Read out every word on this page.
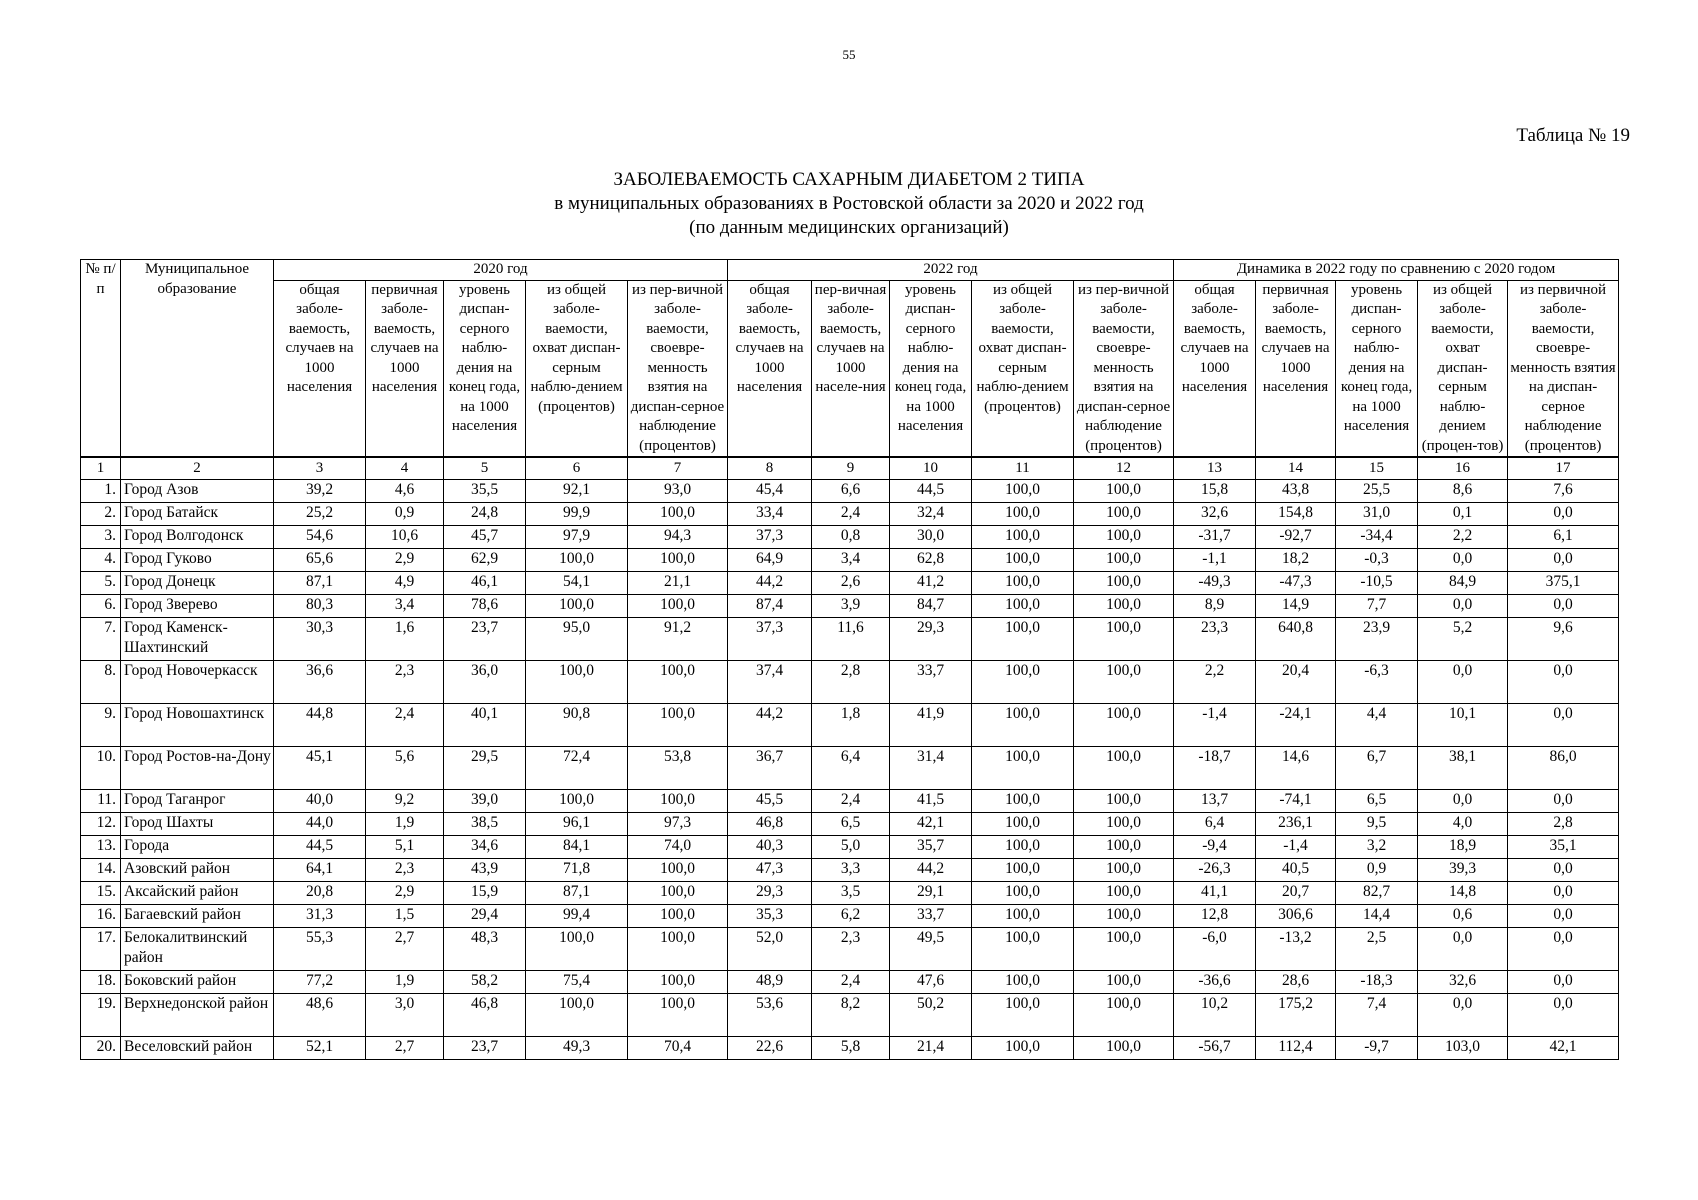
55
Таблица № 19
ЗАБОЛЕВАЕМОСТЬ САХАРНЫМ ДИАБЕТОМ 2 ТИПА
в муниципальных образованиях в Ростовской области за 2020 и 2022 год
(по данным медицинских организаций)
№ п/п	Муниципальное образование	2020 год					2022 год					Динамика в 2022 году по сравнению с 2020 годом				
		общая заболе-ваемость, случаев на 1000 населения	первичная заболе-ваемость, случаев на 1000 населения	уровень диспан-серного наблю-дения на конец года, на 1000 населения	из общей заболе-ваемости, охват диспан-серным наблю-дением (процентов)	из пер-вичной заболе-ваемости, своевре-менность взятия на диспан-серное наблюдение (процентов)	общая заболе-ваемость, случаев на 1000 населения	пер-вичная заболе-ваемость, случаев на 1000 населе-ния	уровень диспан-серного наблю-дения на конец года, на 1000 населения	из общей заболе-ваемости, охват диспан-серным наблю-дением (процентов)	из пер-вичной заболе-ваемости, своевре-менность взятия на диспан-серное наблюдение (процентов)	общая заболе-ваемость, случаев на 1000 населения	первичная заболе-ваемость, случаев на 1000 населения	уровень диспан-серного наблю-дения на конец года, на 1000 населения	из общей заболе-ваемости, охват диспан-серным наблю-дением (процен-тов)	из первичной заболе-ваемости, своевре-менность взятия на диспан-серное наблюдение (процентов)
1	2	3	4	5	6	7	8	9	10	11	12	13	14	15	16	17
1.	Город Азов	39,2	4,6	35,5	92,1	93,0	45,4	6,6	44,5	100,0	100,0	15,8	43,8	25,5	8,6	7,6
2.	Город Батайск	25,2	0,9	24,8	99,9	100,0	33,4	2,4	32,4	100,0	100,0	32,6	154,8	31,0	0,1	0,0
3.	Город Волгодонск	54,6	10,6	45,7	97,9	94,3	37,3	0,8	30,0	100,0	100,0	-31,7	-92,7	-34,4	2,2	6,1
4.	Город Гуково	65,6	2,9	62,9	100,0	100,0	64,9	3,4	62,8	100,0	100,0	-1,1	18,2	-0,3	0,0	0,0
5.	Город Донецк	87,1	4,9	46,1	54,1	21,1	44,2	2,6	41,2	100,0	100,0	-49,3	-47,3	-10,5	84,9	375,1
6.	Город Зверево	80,3	3,4	78,6	100,0	100,0	87,4	3,9	84,7	100,0	100,0	8,9	14,9	7,7	0,0	0,0
7.	Город Каменск-Шахтинский	30,3	1,6	23,7	95,0	91,2	37,3	11,6	29,3	100,0	100,0	23,3	640,8	23,9	5,2	9,6
8.	Город Новочеркасск	36,6	2,3	36,0	100,0	100,0	37,4	2,8	33,7	100,0	100,0	2,2	20,4	-6,3	0,0	0,0
9.	Город Новошахтинск	44,8	2,4	40,1	90,8	100,0	44,2	1,8	41,9	100,0	100,0	-1,4	-24,1	4,4	10,1	0,0
10.	Город Ростов-на-Дону	45,1	5,6	29,5	72,4	53,8	36,7	6,4	31,4	100,0	100,0	-18,7	14,6	6,7	38,1	86,0
11.	Город Таганрог	40,0	9,2	39,0	100,0	100,0	45,5	2,4	41,5	100,0	100,0	13,7	-74,1	6,5	0,0	0,0
12.	Город Шахты	44,0	1,9	38,5	96,1	97,3	46,8	6,5	42,1	100,0	100,0	6,4	236,1	9,5	4,0	2,8
13.	Города	44,5	5,1	34,6	84,1	74,0	40,3	5,0	35,7	100,0	100,0	-9,4	-1,4	3,2	18,9	35,1
14.	Азовский район	64,1	2,3	43,9	71,8	100,0	47,3	3,3	44,2	100,0	100,0	-26,3	40,5	0,9	39,3	0,0
15.	Аксайский район	20,8	2,9	15,9	87,1	100,0	29,3	3,5	29,1	100,0	100,0	41,1	20,7	82,7	14,8	0,0
16.	Багаевский район	31,3	1,5	29,4	99,4	100,0	35,3	6,2	33,7	100,0	100,0	12,8	306,6	14,4	0,6	0,0
17.	Белокалитвинский район	55,3	2,7	48,3	100,0	100,0	52,0	2,3	49,5	100,0	100,0	-6,0	-13,2	2,5	0,0	0,0
18.	Боковский район	77,2	1,9	58,2	75,4	100,0	48,9	2,4	47,6	100,0	100,0	-36,6	28,6	-18,3	32,6	0,0
19.	Верхнедонской район	48,6	3,0	46,8	100,0	100,0	53,6	8,2	50,2	100,0	100,0	10,2	175,2	7,4	0,0	0,0
20.	Веселовский район	52,1	2,7	23,7	49,3	70,4	22,6	5,8	21,4	100,0	100,0	-56,7	112,4	-9,7	103,0	42,1
